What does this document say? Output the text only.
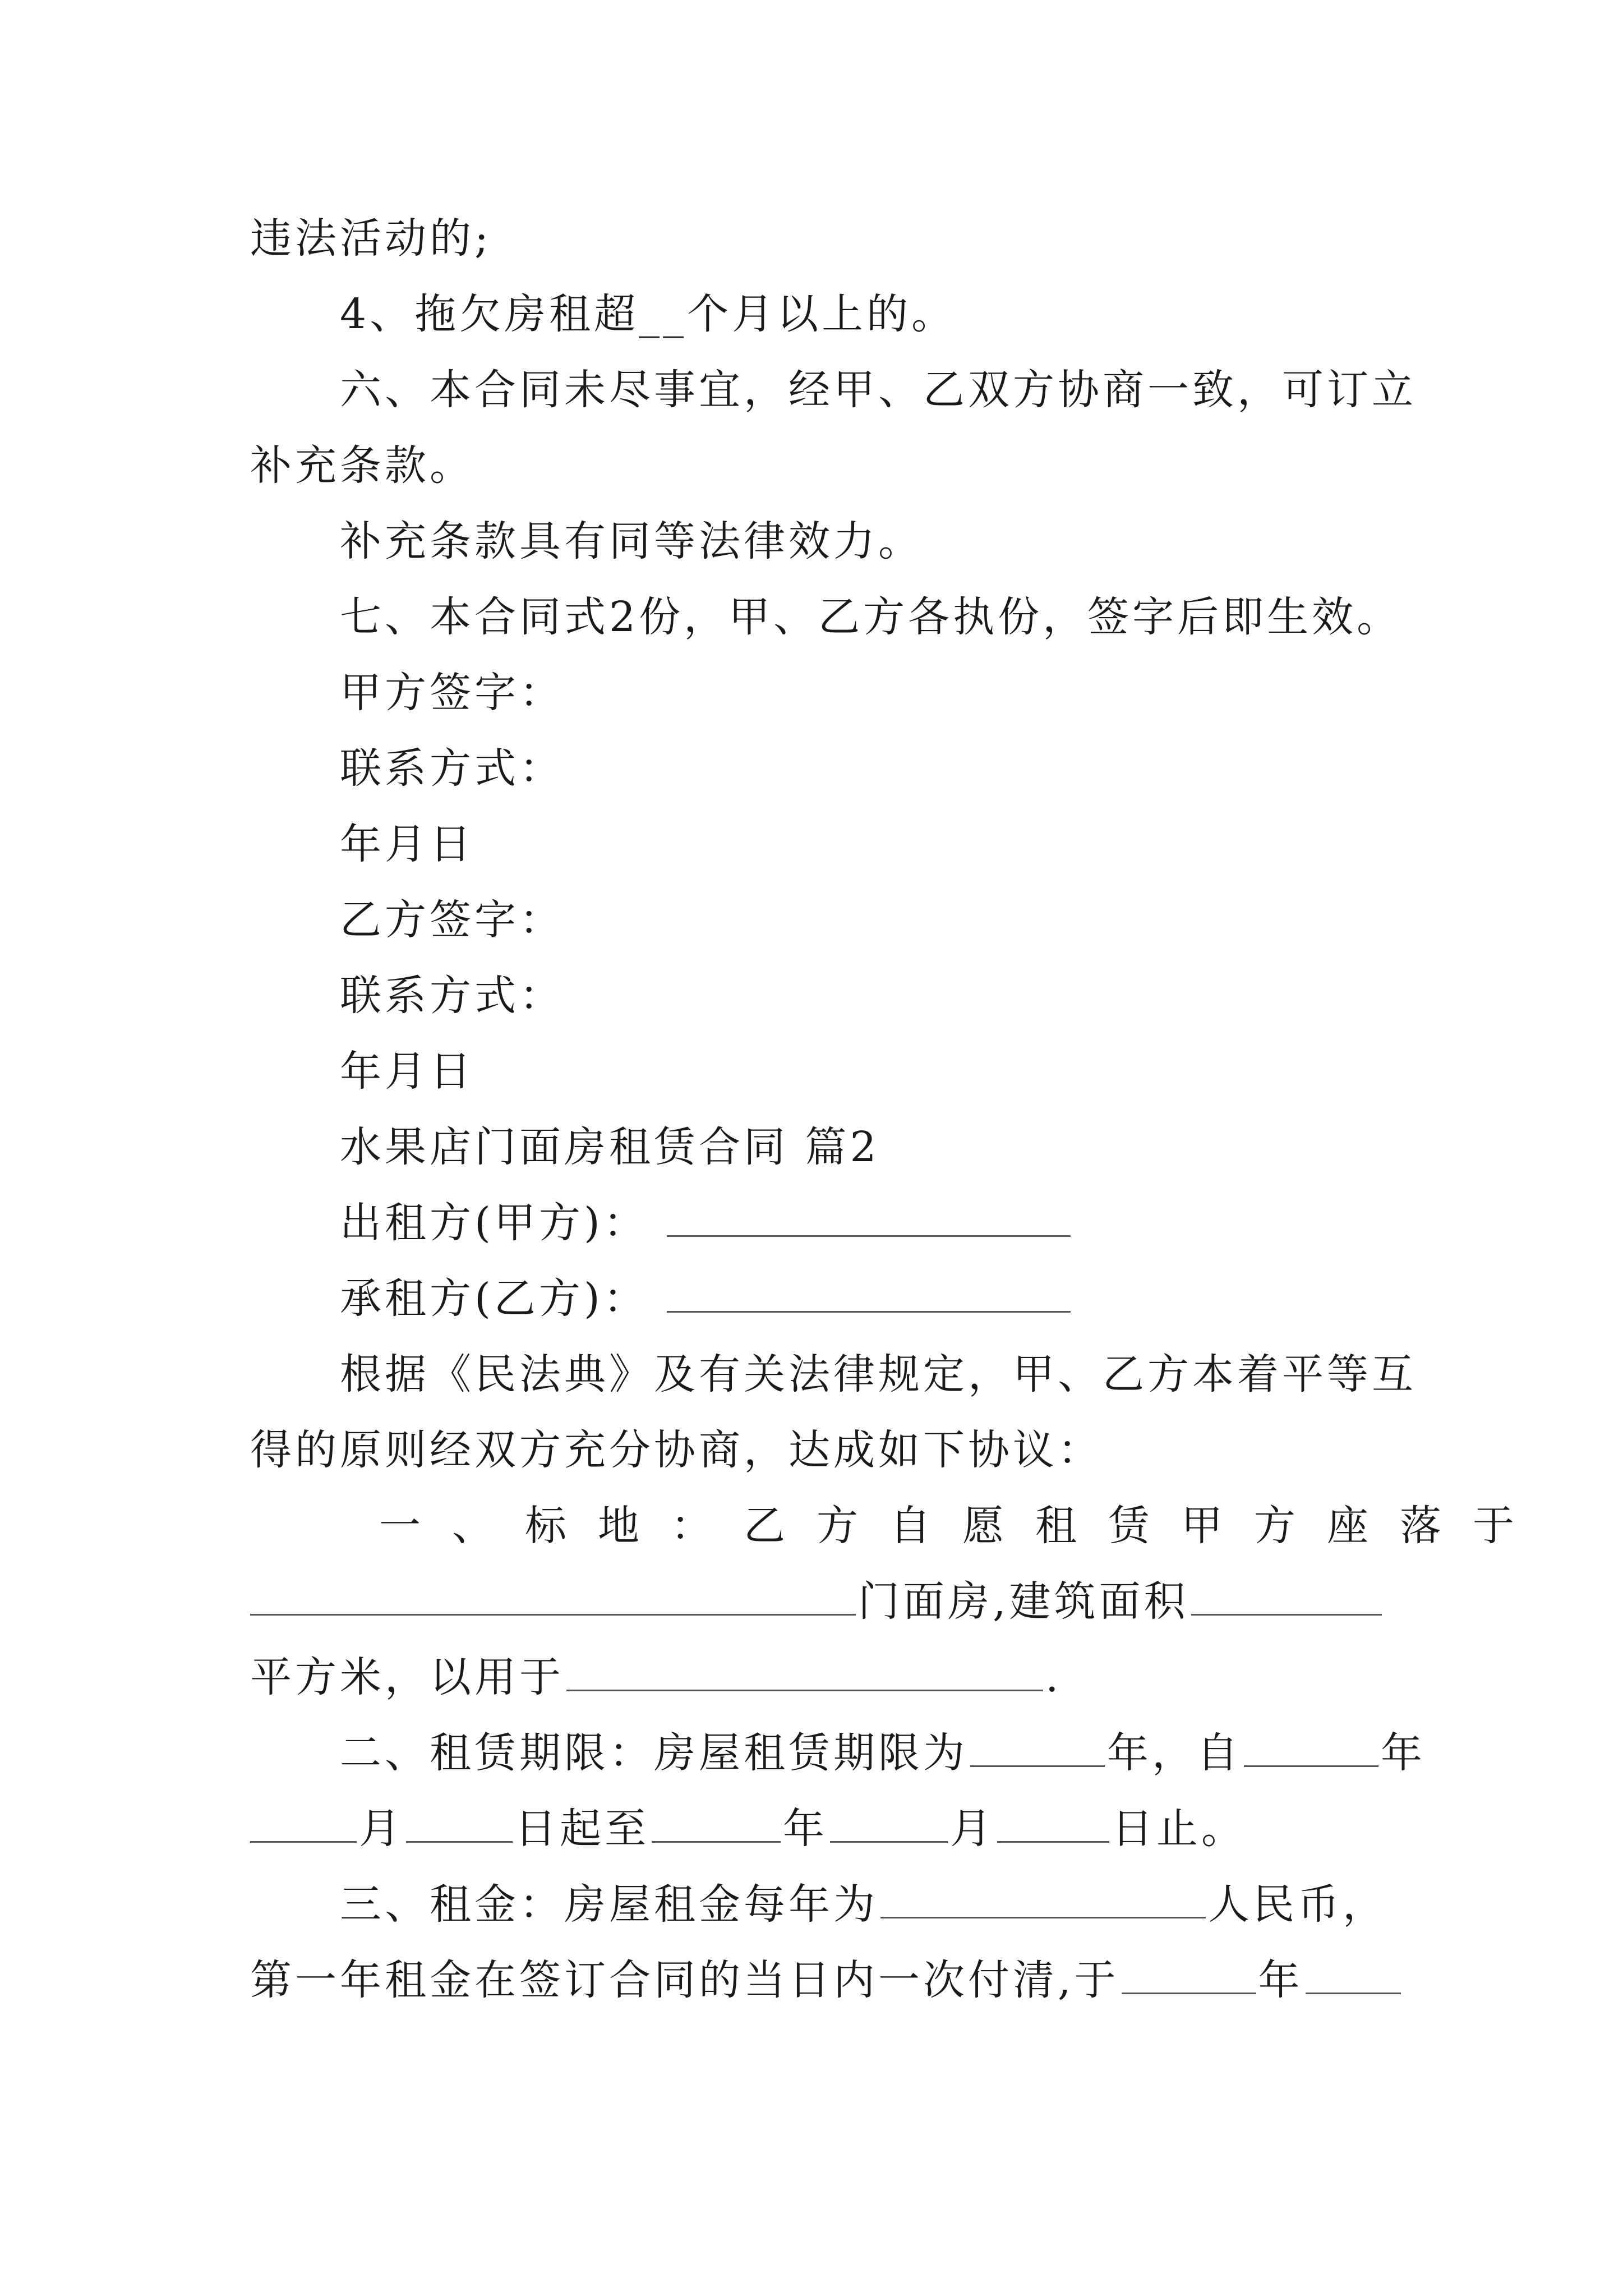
违法活动的;
4、拖欠房租超__个月以上的。
六、本合同未尽事宜，经甲、乙双方协商一致，可订立
补充条款。
补充条款具有同等法律效力。
七、本合同式2份，甲、乙方各执份，签字后即生效。
甲方签字：
联系方式：
年月日
乙方签字：
联系方式：
年月日
水果店门面房租赁合同 篇2
出租方(甲方)：
承租方(乙方)：
根据《民法典》及有关法律规定，甲、乙方本着平等互
得的原则经双方充分协商，达成如下协议：
一、标地：乙方自愿租赁甲方座落于
门面房,建筑面积
平方米，以用于	.
二、租赁期限：房屋租赁期限为	年，自	年
月	日起至	年	月	日止。
三、租金：房屋租金每年为	人民币，
第一年租金在签订合同的当日内一次付清,于	年
